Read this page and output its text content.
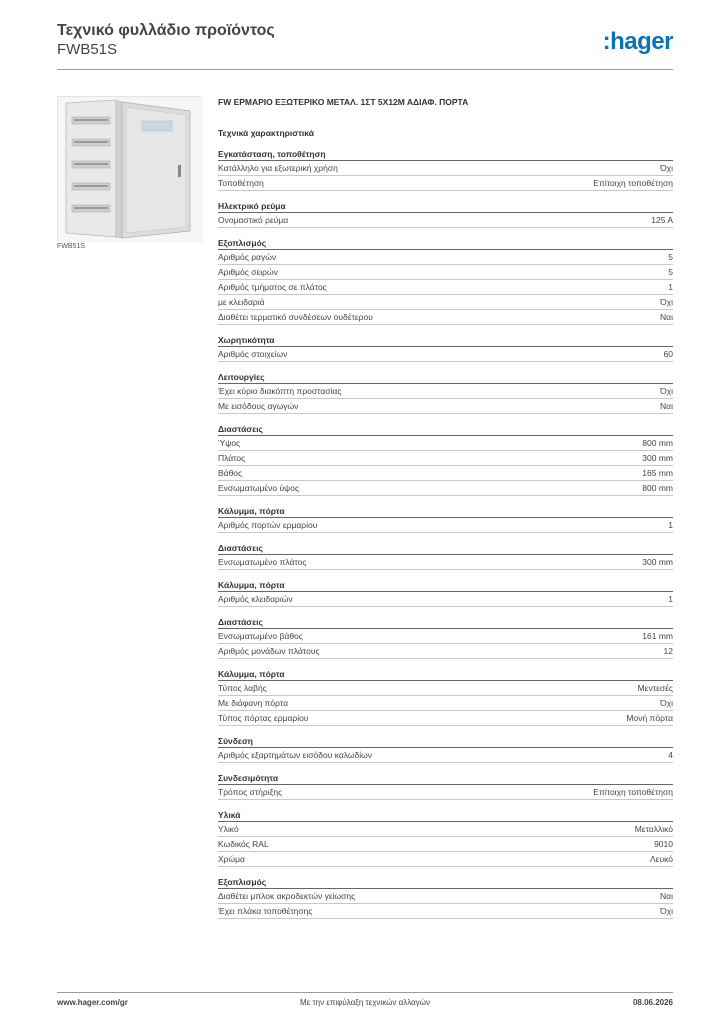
Τεχνικό φυλλάδιο προϊόντος
FWB51S	:hager
FWB51S
FW ΕΡΜΑΡΙΟ ΕΞΩΤΕΡΙΚΟ ΜΕΤΑΛ. 1ΣΤ 5Χ12Μ ΑΔΙΑΦ. ΠΟΡΤΑ
Τεχνικά χαρακτηριστικά
Εγκατάσταση, τοποθέτηση
Κατάλληλο για εξωτερική χρήση	Όχι
Τοποθέτηση	Επίτοιχη τοποθέτηση
Ηλεκτρικό ρεύμα
Ονομαστικό ρεύμα	125 A
Εξοπλισμός
Αριθμός ραγών	5
Αριθμός σειρών	5
Αριθμός τμήματος σε πλάτος	1
με κλειδαριά	Όχι
Διαθέτει τερματικό συνδέσεων ουδέτερου	Ναι
Χωρητικότητα
Αριθμός στοιχείων	60
Λειτουργίες
Έχει κύριο διακόπτη προστασίας	Όχι
Με εισόδους αγωγών	Ναι
Διαστάσεις
Ύψος	800 mm
Πλάτος	300 mm
Βάθος	165 mm
Ενσωματωμένο ύψος	800 mm
Κάλυμμα, πόρτα
Αριθμός πορτών ερμαρίου	1
Διαστάσεις
Ενσωματωμένο πλάτος	300 mm
Κάλυμμα, πόρτα
Αριθμός κλειδαριών	1
Διαστάσεις
Ενσωματωμένο βάθος	161 mm
Αριθμός μονάδων πλάτους	12
Κάλυμμα, πόρτα
Τύπος λαβής	Μεντεσές
Με διάφανη πόρτα	Όχι
Τύπος πόρτας ερμαρίου	Μονή πόρτα
Σύνδεση
Αριθμός εξαρτημάτων εισόδου καλωδίων	4
Συνδεσιμότητα
Τρόπος στήριξης	Επίτοιχη τοποθέτηση
Υλικά
Υλικό	Μεταλλικό
Κωδικός RAL	9010
Χρώμα	Λευκό
Εξοπλισμός
Διαθέτει μπλοκ ακροδεκτών γείωσης	Ναι
Έχει πλάκα τοποθέτησης	Όχι
www.hager.com/gr	Με την επιφύλαξη τεχνικών αλλαγών	08.06.2026
